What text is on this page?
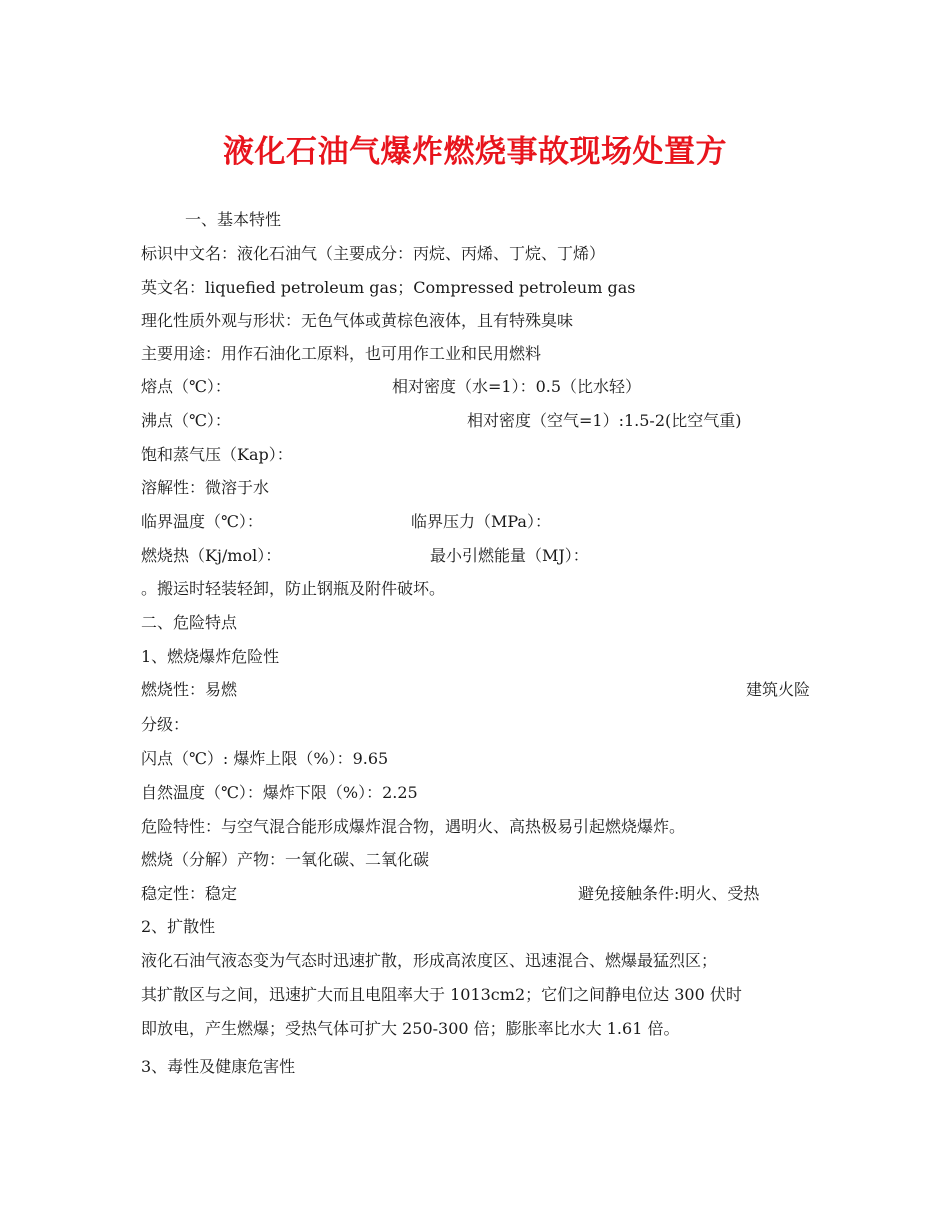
液化石油气爆炸燃烧事故现场处置方
一、基本特性
标识中文名：液化石油气（主要成分：丙烷、丙烯、丁烷、丁烯）
英文名：liquefied petroleum gas；Compressed petroleum gas
理化性质外观与形状：无色气体或黄棕色液体，且有特殊臭味
主要用途：用作石油化工原料，也可用作工业和民用燃料
熔点（℃）：	相对密度（水=1）：0.5（比水轻）
沸点（℃）：	相对密度（空气=1）:1.5-2(比空气重)
饱和蒸气压（Kap）：
溶解性：微溶于水
临界温度（℃）：	临界压力（MPa）：
燃烧热（Kj/mol）：	最小引燃能量（MJ）：
。搬运时轻装轻卸，防止钢瓶及附件破坏。
二、危险特点
1、燃烧爆炸危险性
燃烧性：易燃	建筑火险
分级：
闪点（℃）: 爆炸上限（%）：9.65
自然温度（℃）：爆炸下限（%）：2.25
危险特性：与空气混合能形成爆炸混合物，遇明火、高热极易引起燃烧爆炸。
燃烧（分解）产物：一氧化碳、二氧化碳
稳定性：稳定	避免接触条件:明火、受热
2、扩散性
液化石油气液态变为气态时迅速扩散，形成高浓度区、迅速混合、燃爆最猛烈区；
其扩散区与之间，迅速扩大而且电阻率大于 1013cm2；它们之间静电位达 300 伏时
即放电，产生燃爆；受热气体可扩大 250-300 倍；膨胀率比水大 1.61 倍。
3、毒性及健康危害性
